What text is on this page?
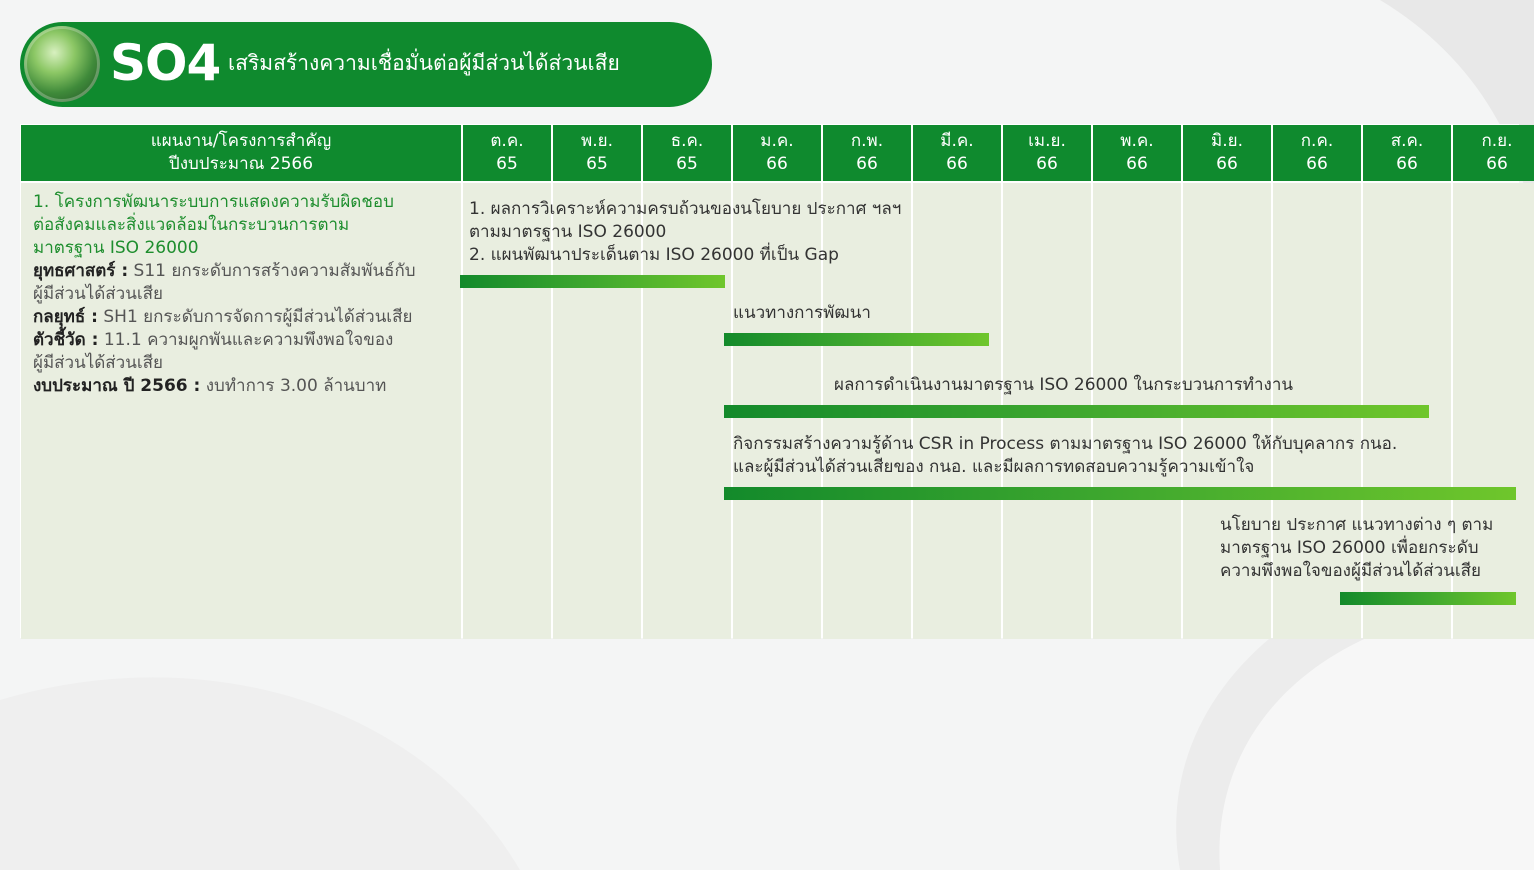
SO4 เสริมสร้างความเชื่อมั่นต่อผู้มีส่วนได้ส่วนเสีย
แผนงาน/โครงการสำคัญ
ปีงบประมาณ 2566
ต.ค.
65
พ.ย.
65
ธ.ค.
65
ม.ค.
66
ก.พ.
66
มี.ค.
66
เม.ย.
66
พ.ค.
66
มิ.ย.
66
ก.ค.
66
ส.ค.
66
ก.ย.
66
1. โครงการพัฒนาระบบการแสดงความรับผิดชอบ
ต่อสังคมและสิ่งแวดล้อมในกระบวนการตาม
มาตรฐาน ISO 26000
ยุทธศาสตร์ : S11 ยกระดับการสร้างความสัมพันธ์กับ
ผู้มีส่วนได้ส่วนเสีย
กลยุทธ์ : SH1 ยกระดับการจัดการผู้มีส่วนได้ส่วนเสีย
ตัวชี้วัด : 11.1 ความผูกพันและความพึงพอใจของ
ผู้มีส่วนได้ส่วนเสีย
งบประมาณ ปี 2566 : งบทำการ 3.00 ล้านบาท
1. ผลการวิเคราะห์ความครบถ้วนของนโยบาย ประกาศ ฯลฯ
ตามมาตรฐาน ISO 26000
2. แผนพัฒนาประเด็นตาม ISO 26000 ที่เป็น Gap
แนวทางการพัฒนา
ผลการดำเนินงานมาตรฐาน ISO 26000 ในกระบวนการทำงาน
กิจกรรมสร้างความรู้ด้าน CSR in Process ตามมาตรฐาน ISO 26000 ให้กับบุคลากร กนอ.
และผู้มีส่วนได้ส่วนเสียของ กนอ. และมีผลการทดสอบความรู้ความเข้าใจ
นโยบาย ประกาศ แนวทางต่าง ๆ ตาม
มาตรฐาน ISO 26000 เพื่อยกระดับ
ความพึงพอใจของผู้มีส่วนได้ส่วนเสีย
